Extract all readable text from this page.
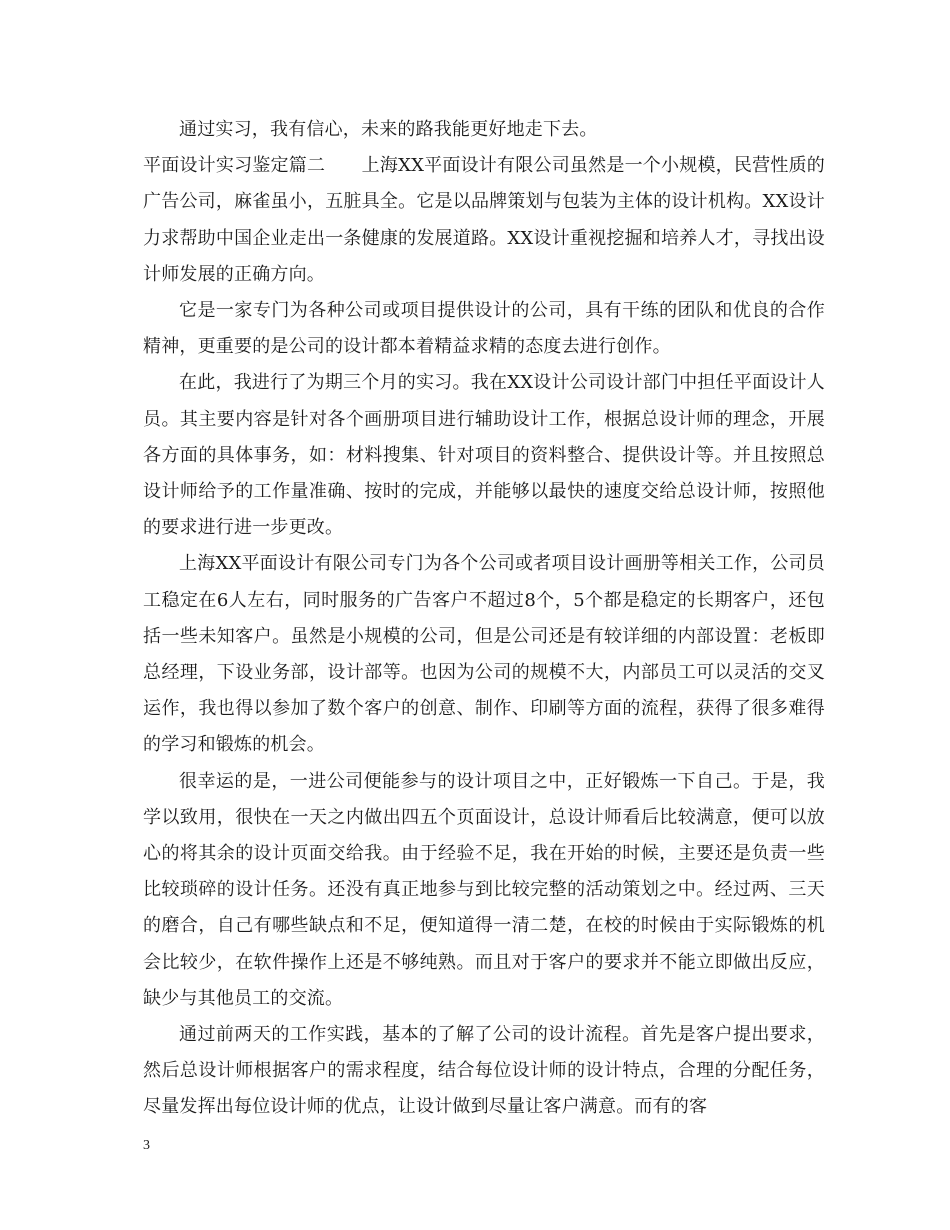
通过实习，我有信心，未来的路我能更好地走下去。

平面设计实习鉴定篇二　　上海XX平面设计有限公司虽然是一个小规模，民营性质的广告公司，麻雀虽小，五脏具全。它是以品牌策划与包装为主体的设计机构。XX设计力求帮助中国企业走出一条健康的发展道路。XX设计重视挖掘和培养人才，寻找出设计师发展的正确方向。

它是一家专门为各种公司或项目提供设计的公司，具有干练的团队和优良的合作精神，更重要的是公司的设计都本着精益求精的态度去进行创作。

在此，我进行了为期三个月的实习。我在XX设计公司设计部门中担任平面设计人员。其主要内容是针对各个画册项目进行辅助设计工作，根据总设计师的理念，开展各方面的具体事务，如：材料搜集、针对项目的资料整合、提供设计等。并且按照总设计师给予的工作量准确、按时的完成，并能够以最快的速度交给总设计师，按照他的要求进行进一步更改。

上海XX平面设计有限公司专门为各个公司或者项目设计画册等相关工作，公司员工稳定在6人左右，同时服务的广告客户不超过8个，5个都是稳定的长期客户，还包括一些未知客户。虽然是小规模的公司，但是公司还是有较详细的内部设置：老板即总经理，下设业务部，设计部等。也因为公司的规模不大，内部员工可以灵活的交叉运作，我也得以参加了数个客户的创意、制作、印刷等方面的流程，获得了很多难得的学习和锻炼的机会。

很幸运的是，一进公司便能参与的设计项目之中，正好锻炼一下自己。于是，我学以致用，很快在一天之内做出四五个页面设计，总设计师看后比较满意，便可以放心的将其余的设计页面交给我。由于经验不足，我在开始的时候，主要还是负责一些比较琐碎的设计任务。还没有真正地参与到比较完整的活动策划之中。经过两、三天的磨合，自己有哪些缺点和不足，便知道得一清二楚，在校的时候由于实际锻炼的机会比较少，在软件操作上还是不够纯熟。而且对于客户的要求并不能立即做出反应，缺少与其他员工的交流。

通过前两天的工作实践，基本的了解了公司的设计流程。首先是客户提出要求，然后总设计师根据客户的需求程度，结合每位设计师的设计特点，合理的分配任务，尽量发挥出每位设计师的优点，让设计做到尽量让客户满意。而有的客

3
